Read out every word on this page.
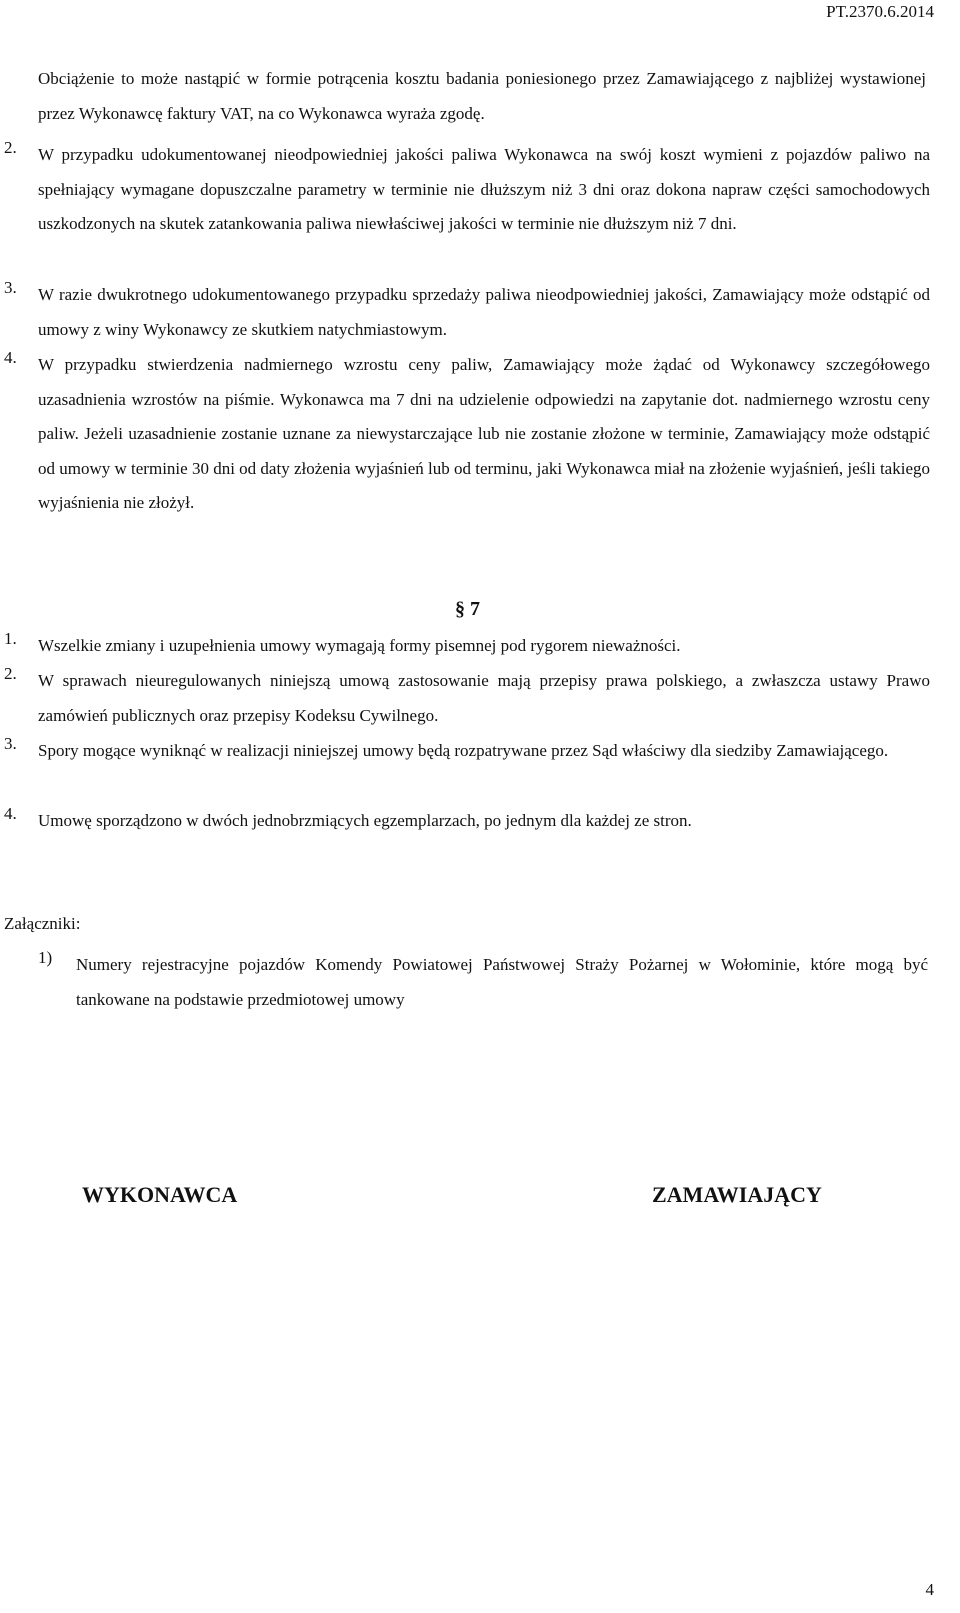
PT.2370.6.2014
Obciążenie to może nastąpić w formie potrącenia kosztu badania poniesionego przez Zamawiającego z najbliżej wystawionej przez Wykonawcę faktury VAT, na co Wykonawca wyraża zgodę.
2.	W przypadku udokumentowanej nieodpowiedniej jakości paliwa Wykonawca na swój koszt wymieni z pojazdów paliwo na spełniający wymagane dopuszczalne parametry w terminie nie dłuższym niż 3 dni oraz dokona napraw części samochodowych uszkodzonych na skutek zatankowania paliwa niewłaściwej jakości w terminie nie dłuższym niż 7 dni.
3.	W razie dwukrotnego udokumentowanego przypadku sprzedaży paliwa nieodpowiedniej jakości, Zamawiający może odstąpić od umowy z winy Wykonawcy ze skutkiem natychmiastowym.
4.	W przypadku stwierdzenia nadmiernego wzrostu ceny paliw, Zamawiający może żądać od Wykonawcy szczegółowego uzasadnienia wzrostów na piśmie. Wykonawca ma 7 dni na udzielenie odpowiedzi na zapytanie dot. nadmiernego wzrostu ceny paliw. Jeżeli uzasadnienie zostanie uznane za niewystarczające lub nie zostanie złożone w terminie, Zamawiający może odstąpić od umowy w terminie 30 dni od daty złożenia wyjaśnień lub od terminu, jaki Wykonawca miał na złożenie wyjaśnień, jeśli takiego wyjaśnienia nie złożył.
§ 7
1.	Wszelkie zmiany i uzupełnienia umowy wymagają formy pisemnej pod rygorem nieważności.
2.	W sprawach nieuregulowanych niniejszą umową zastosowanie mają przepisy prawa polskiego, a zwłaszcza ustawy Prawo zamówień publicznych oraz przepisy Kodeksu Cywilnego.
3.	Spory mogące wyniknąć w realizacji niniejszej umowy będą rozpatrywane przez Sąd właściwy dla siedziby Zamawiającego.
4.	Umowę sporządzono w dwóch jednobrzmiących egzemplarzach, po jednym dla każdej ze stron.
Załączniki:
1) Numery rejestracyjne pojazdów Komendy Powiatowej Państwowej Straży Pożarnej w Wołominie, które mogą być tankowane na podstawie przedmiotowej umowy
WYKONAWCA	ZAMAWIAJĄCY
4
